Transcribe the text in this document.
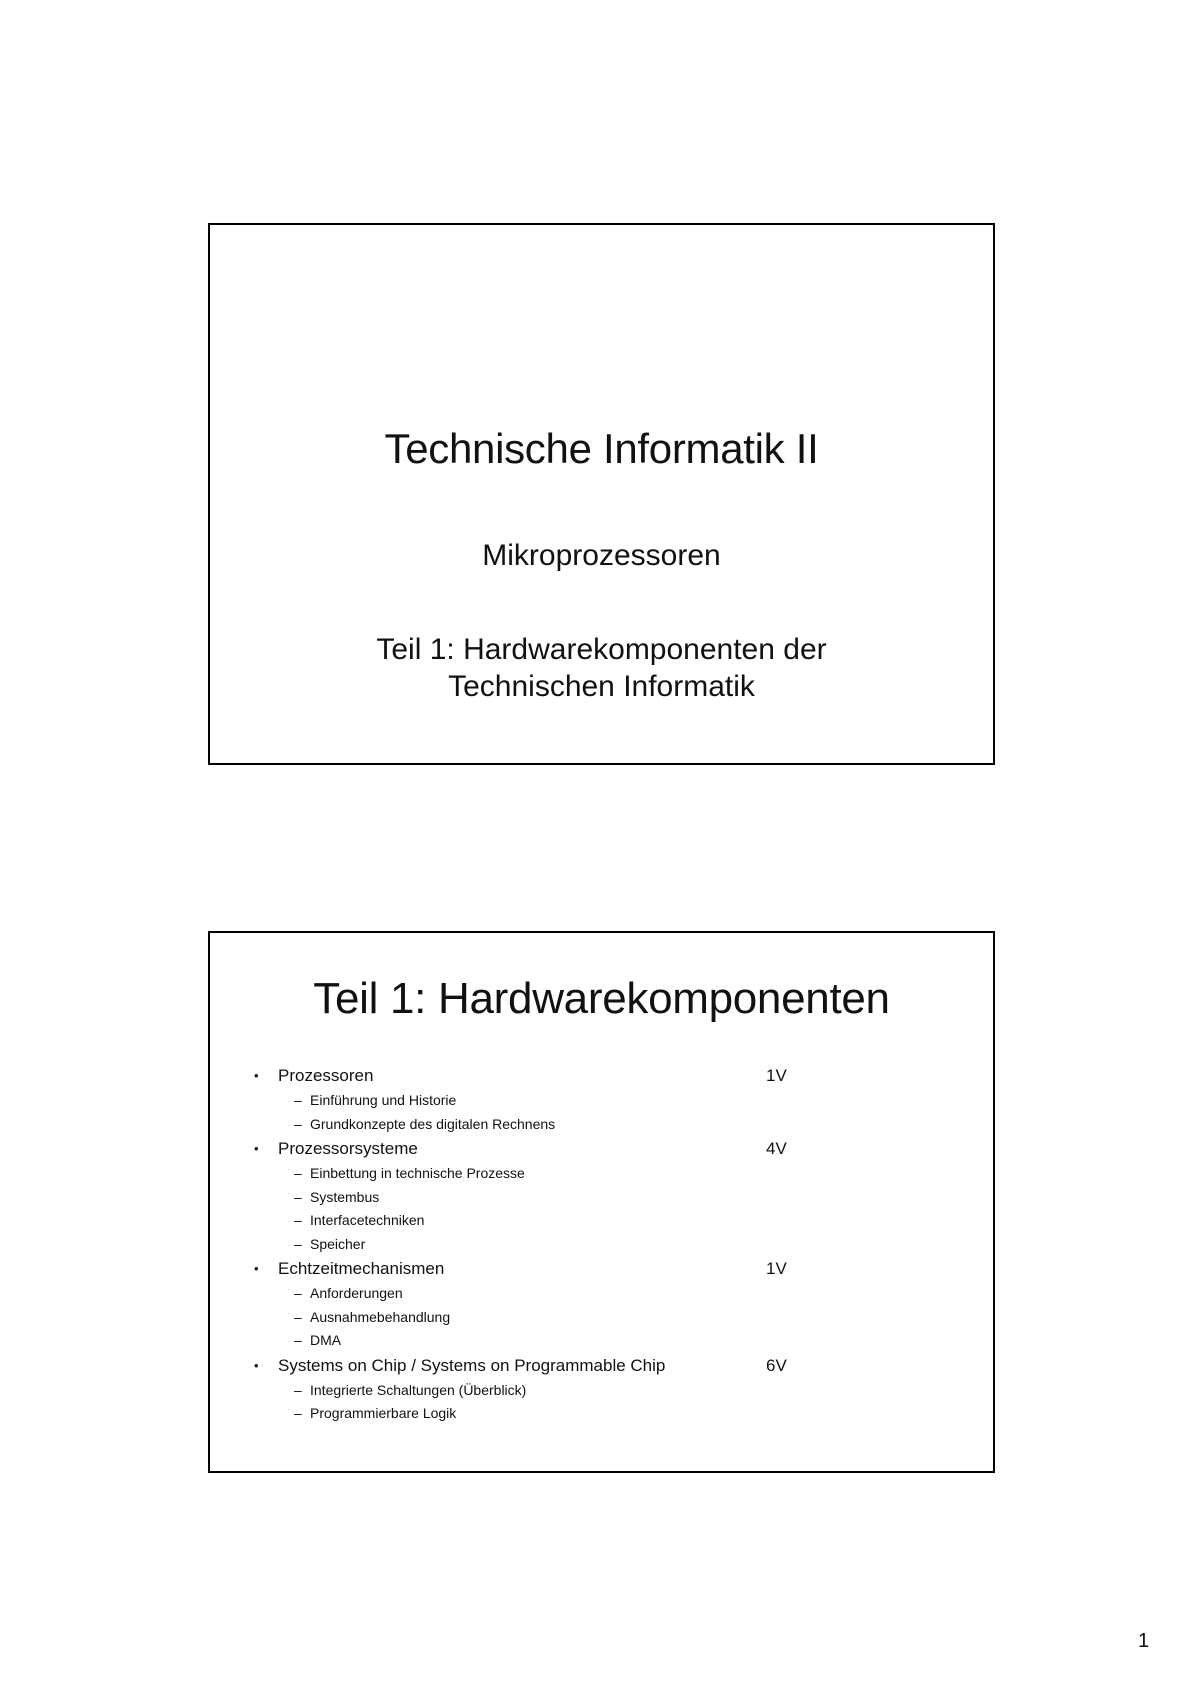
Technische Informatik II
Mikroprozessoren
Teil 1: Hardwarekomponenten der
Technischen Informatik
Teil 1: Hardwarekomponenten
• Prozessoren	1V
– Einführung und Historie
– Grundkonzepte des digitalen Rechnens
• Prozessorsysteme	4V
– Einbettung in technische Prozesse
– Systembus
– Interfacetechniken
– Speicher
• Echtzeitmechanismen	1V
– Anforderungen
– Ausnahmebehandlung
– DMA
• Systems on Chip / Systems on Programmable Chip	6V
– Integrierte Schaltungen (Überblick)
– Programmierbare Logik
1
